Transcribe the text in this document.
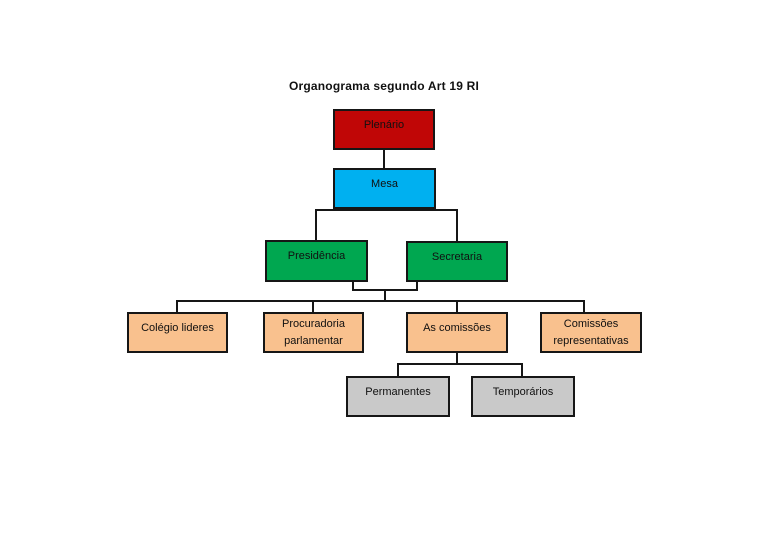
Organograma segundo Art 19 RI
Plenário
Mesa
Presidência	Secretaria
Colégio lideres	Procuradoria parlamentar
As comissões	Comissões representativas
Permanentes	Temporários
